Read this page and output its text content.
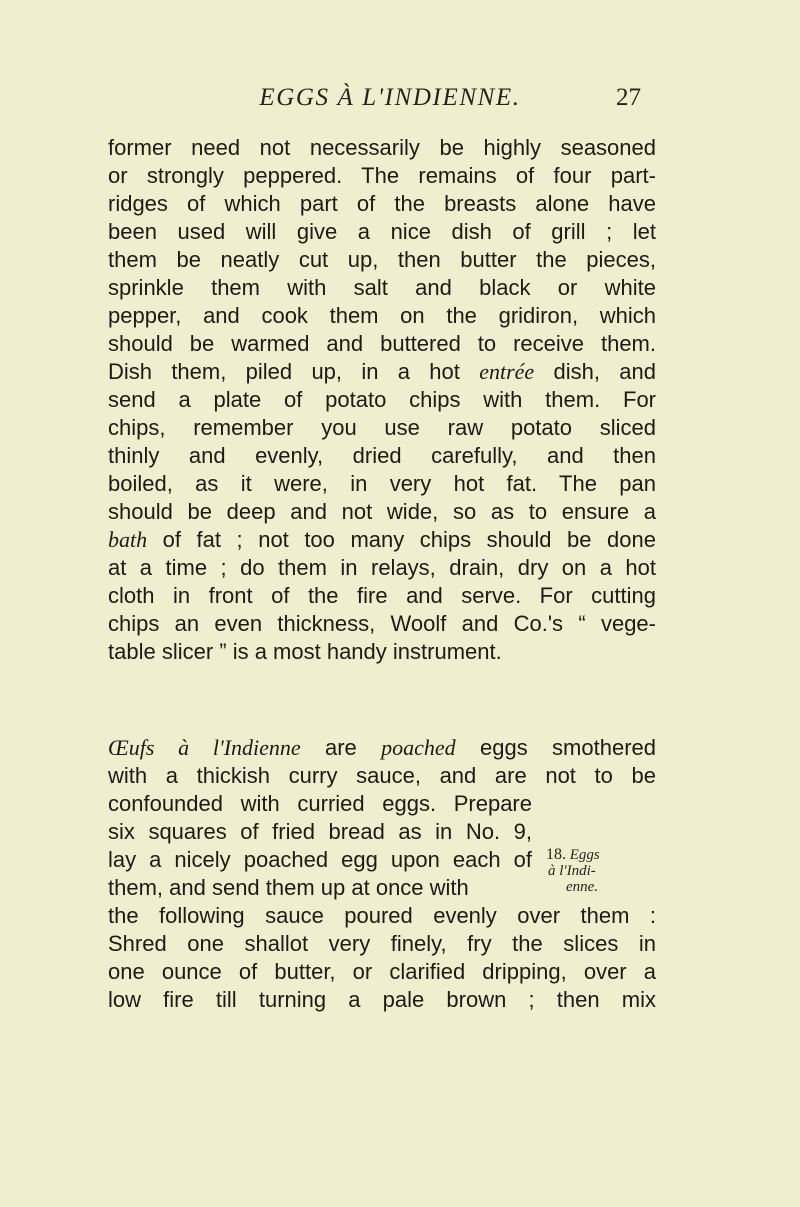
EGGS À L'INDIENNE.	27
former need not necessarily be highly seasoned
or strongly peppered. The remains of four part-
ridges of which part of the breasts alone have
been used will give a nice dish of grill ; let
them be neatly cut up, then butter the pieces,
sprinkle them with salt and black or white
pepper, and cook them on the gridiron, which
should be warmed and buttered to receive them.
Dish them, piled up, in a hot entrée dish, and
send a plate of potato chips with them. For
chips, remember you use raw potato sliced
thinly and evenly, dried carefully, and then
boiled, as it were, in very hot fat. The pan
should be deep and not wide, so as to ensure a
bath of fat ; not too many chips should be done
at a time ; do them in relays, drain, dry on a hot
cloth in front of the fire and serve. For cutting
chips an even thickness, Woolf and Co.'s “ vege-
table slicer ” is a most handy instrument.
Œufs à l'Indienne are poached eggs smothered
with a thickish curry sauce, and are not to be
confounded with curried eggs. Prepare
six squares of fried bread as in No. 9,
lay a nicely poached egg upon each of
them, and send them up at once with
the following sauce poured evenly over them :
Shred one shallot very finely, fry the slices in
one ounce of butter, or clarified dripping, over a
low fire till turning a pale brown ; then mix
18. Eggs
à l'Indi-
enne.
